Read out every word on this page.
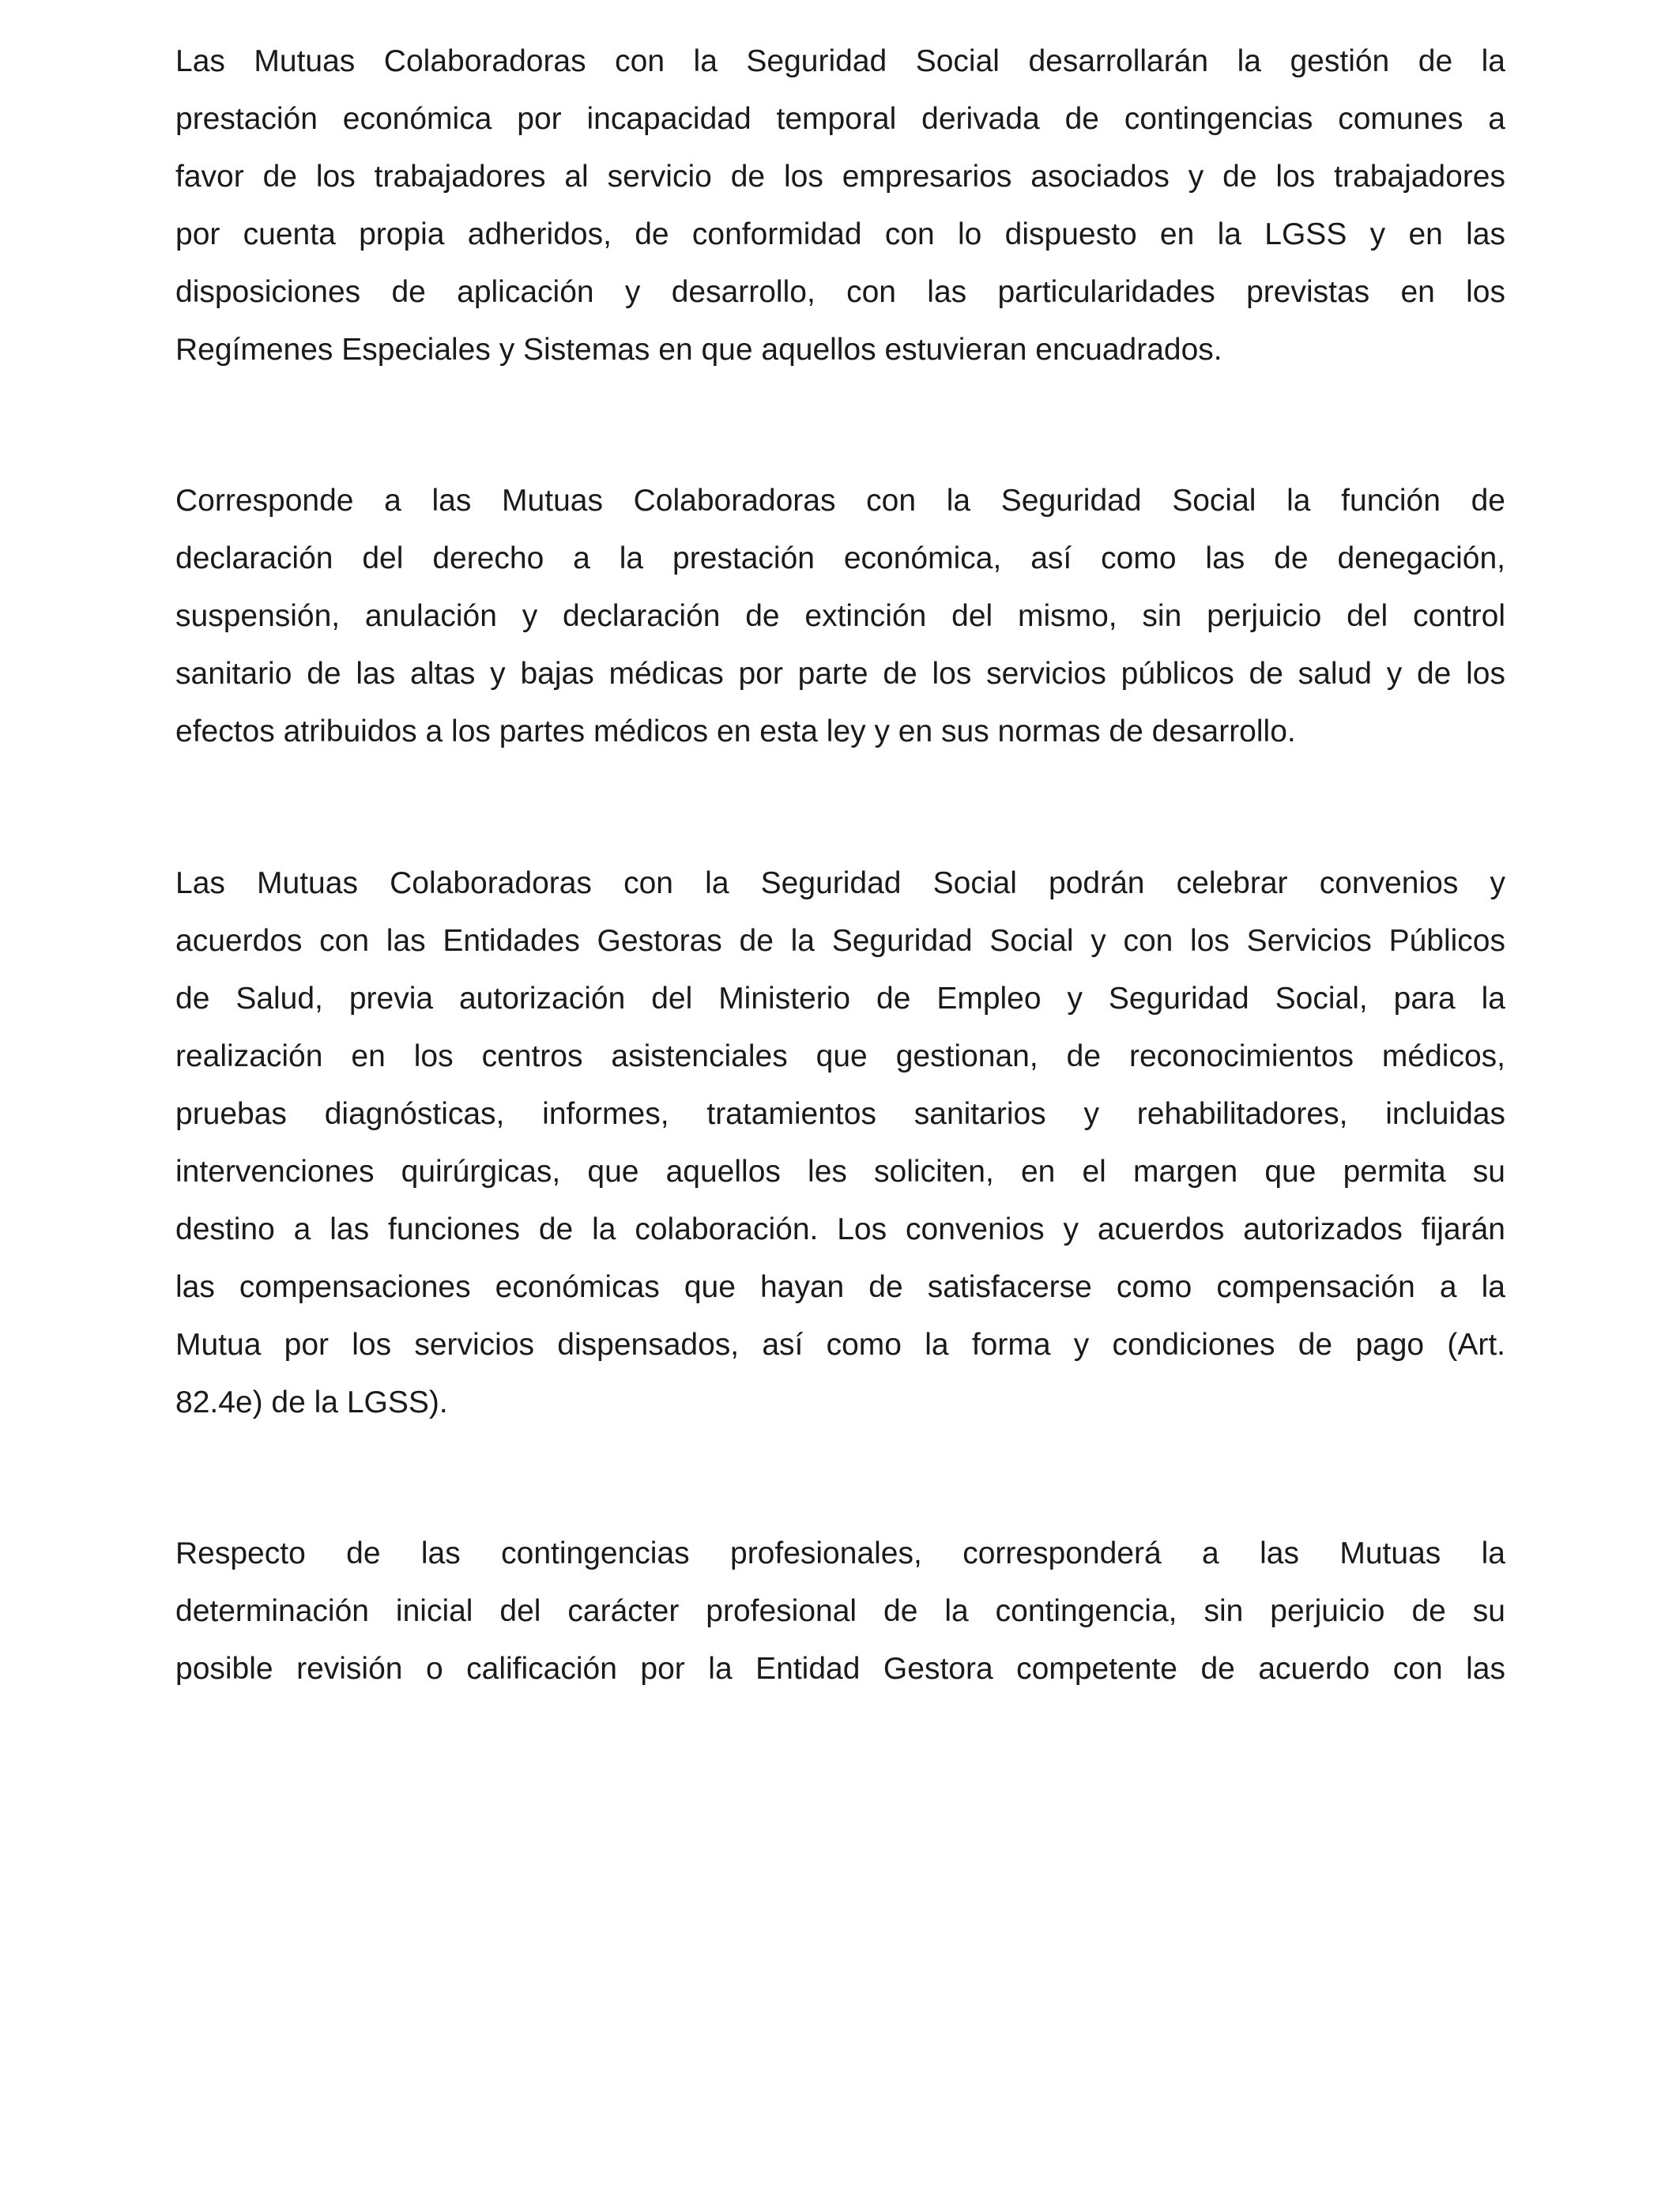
Las Mutuas Colaboradoras con la Seguridad Social desarrollarán la gestión de la
prestación económica por incapacidad temporal derivada de contingencias comunes a
favor de los trabajadores al servicio de los empresarios asociados y de los trabajadores
por cuenta propia adheridos, de conformidad con lo dispuesto en la LGSS y en las
disposiciones de aplicación y desarrollo, con las particularidades previstas en los
Regímenes Especiales y Sistemas en que aquellos estuvieran encuadrados.
Corresponde a las Mutuas Colaboradoras con la Seguridad Social la función de
declaración del derecho a la prestación económica, así como las de denegación,
suspensión, anulación y declaración de extinción del mismo, sin perjuicio del control
sanitario de las altas y bajas médicas por parte de los servicios públicos de salud y de los
efectos atribuidos a los partes médicos en esta ley y en sus normas de desarrollo.
Las Mutuas Colaboradoras con la Seguridad Social podrán celebrar convenios y
acuerdos con las Entidades Gestoras de la Seguridad Social y con los Servicios Públicos
de Salud, previa autorización del Ministerio de Empleo y Seguridad Social, para la
realización en los centros asistenciales que gestionan, de reconocimientos médicos,
pruebas diagnósticas, informes, tratamientos sanitarios y rehabilitadores, incluidas
intervenciones quirúrgicas, que aquellos les soliciten, en el margen que permita su
destino a las funciones de la colaboración. Los convenios y acuerdos autorizados fijarán
las compensaciones económicas que hayan de satisfacerse como compensación a la
Mutua por los servicios dispensados, así como la forma y condiciones de pago (Art.
82.4e) de la LGSS).
Respecto de las contingencias profesionales, corresponderá a las Mutuas la
determinación inicial del carácter profesional de la contingencia, sin perjuicio de su
posible revisión o calificación por la Entidad Gestora competente de acuerdo con las
